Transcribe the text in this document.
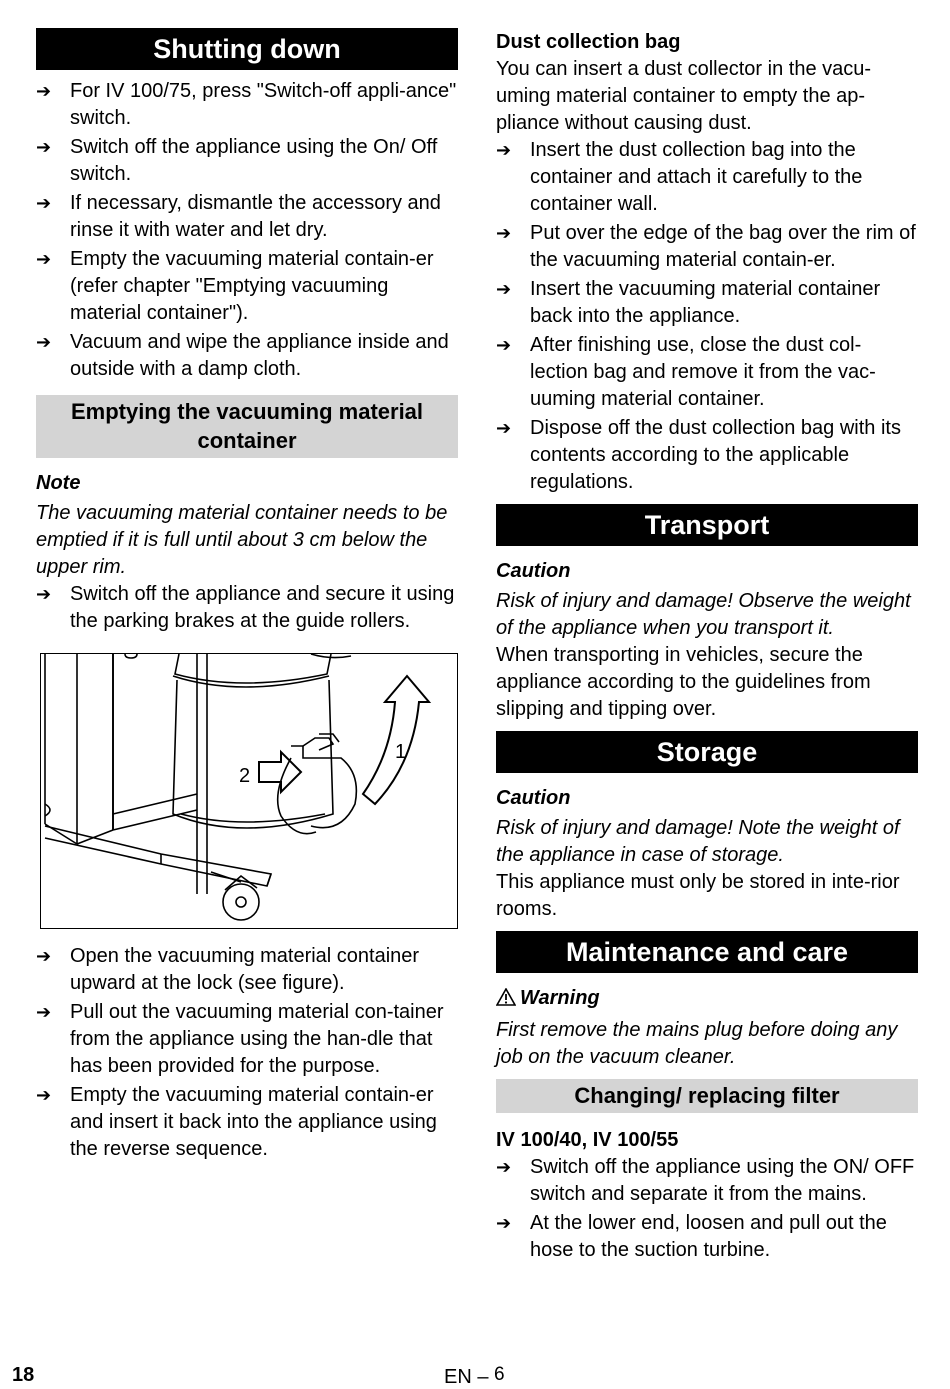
Shutting down
➔ For IV 100/75, press "Switch-off appli-ance" switch.
➔ Switch off the appliance using the On/ Off switch.
➔ If necessary, dismantle the accessory and rinse it with water and let dry.
➔ Empty the vacuuming material contain-er (refer chapter "Emptying vacuuming material container").
➔ Vacuum and wipe the appliance inside and outside with a damp cloth.
Emptying the vacuuming material container

Note

The vacuuming material container needs to be emptied if it is full until about 3 cm below the upper rim.

➔ Switch off the appliance and secure it using the parking brakes at the guide rollers.
2
1
➔ Open the vacuuming material container upward at the lock (see figure).
➔ Pull out the vacuuming material con-tainer from the appliance using the han-dle that has been provided for the purpose.
➔ Empty the vacuuming material contain-er and insert it back into the appliance using the reverse sequence.

Dust collection bag

You can insert a dust collector in the vacu-uming material container to empty the ap-pliance without causing dust.

➔ Insert the dust collection bag into the container and attach it carefully to the container wall.
➔ Put over the edge of the bag over the rim of the vacuuming material contain-er.
➔ Insert the vacuuming material container back into the appliance.
➔ After finishing use, close the dust col-lection bag and remove it from the vac-uuming material container.
➔ Dispose off the dust collection bag with its contents according to the applicable regulations.
Transport

Caution

Risk of injury and damage! Observe the weight of the appliance when you transport it.

When transporting in vehicles, secure the appliance according to the guidelines from slipping and tipping over.

Storage

Caution

Risk of injury and damage! Note the weight of the appliance in case of storage.

This appliance must only be stored in inte-rior rooms.

Maintenance and care

Warning

First remove the mains plug before doing any job on the vacuum cleaner.

Changing/ replacing filter

IV 100/40, IV 100/55

➔ Switch off the appliance using the ON/ OFF switch and separate it from the mains.
➔ At the lower end, loosen and pull out the hose to the suction turbine.
18	EN – 6
